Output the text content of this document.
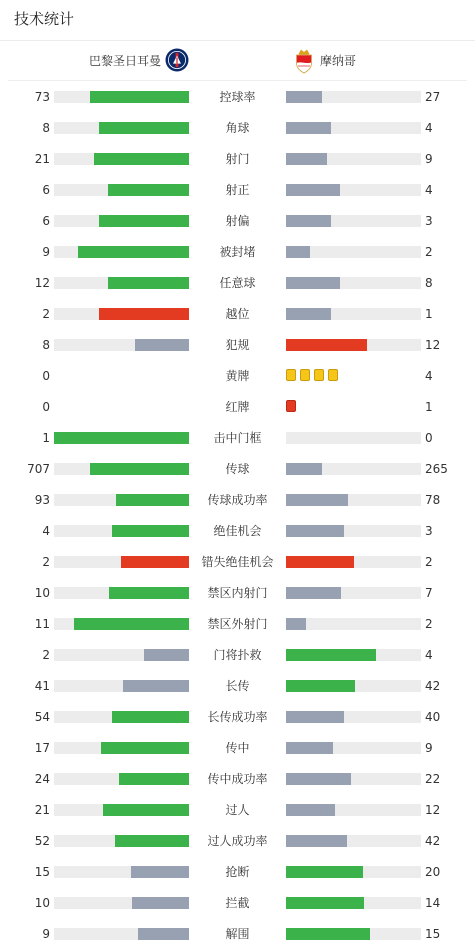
技术统计
巴黎圣日耳曼	摩纳哥
73	控球率	27
8	角球	4
21	射门	9
6	射正	4
6	射偏	3
9	被封堵	2
12	任意球	8
2	越位	1
8	犯规	12
0	黄牌	4
0	红牌	1
1	击中门框	0
707	传球	265
93	传球成功率	78
4	绝佳机会	3
2	错失绝佳机会	2
10	禁区内射门	7
11	禁区外射门	2
2	门将扑救	4
41	长传	42
54	长传成功率	40
17	传中	9
24	传中成功率	22
21	过人	12
52	过人成功率	42
15	抢断	20
10	拦截	14
9	解围	15
